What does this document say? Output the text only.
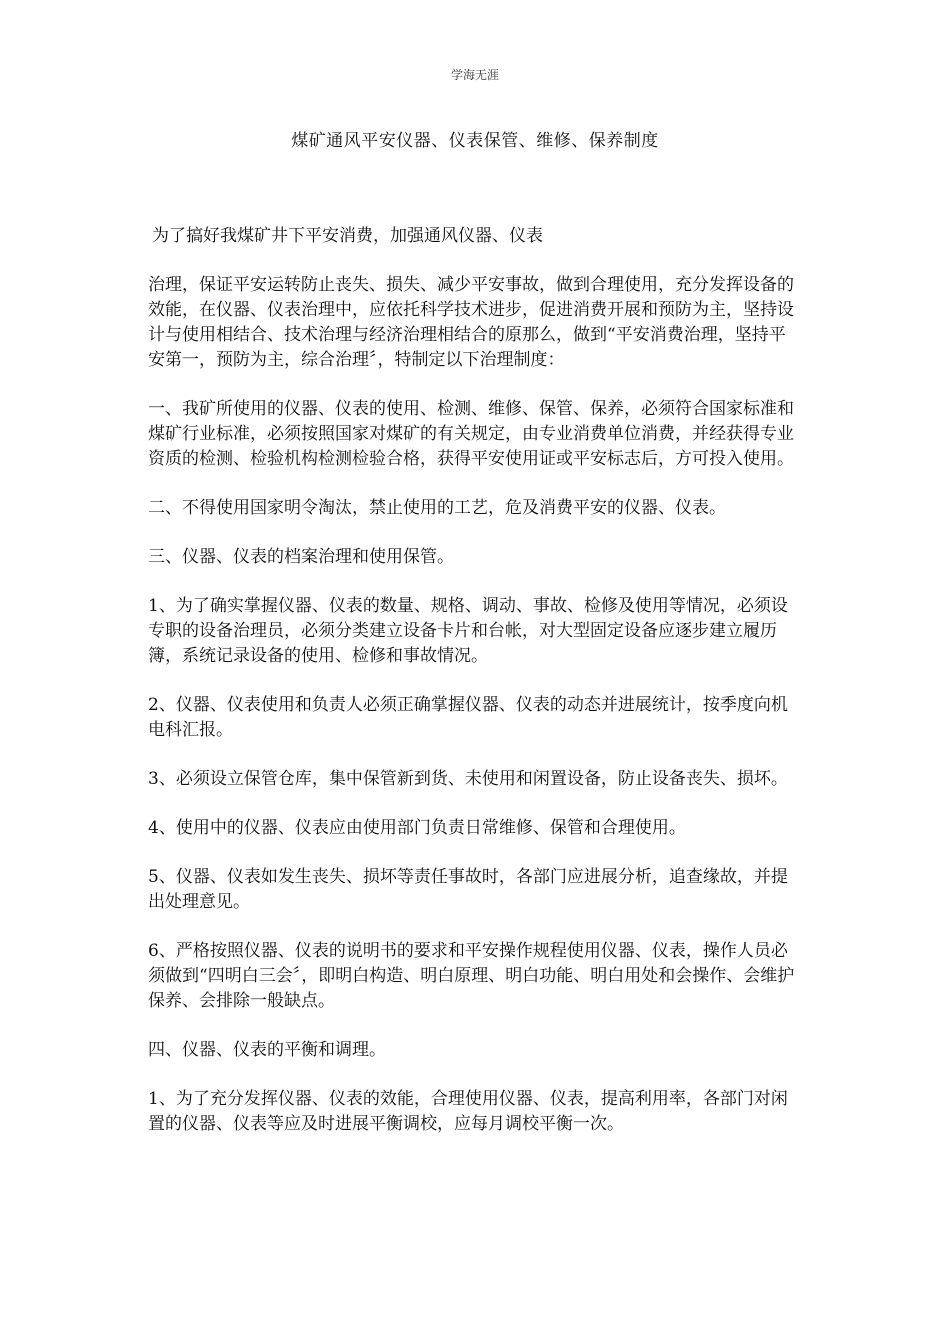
学海无涯
煤矿通风平安仪器、仪表保管、维修、保养制度

为了搞好我煤矿井下平安消费，加强通风仪器、仪表

治理，保证平安运转防止丧失、损失、减少平安事故，做到合理使用，充分发挥设备的效能，在仪器、仪表治理中，应依托科学技术进步，促进消费开展和预防为主，坚持设计与使用相结合、技术治理与经济治理相结合的原那么，做到“平安消费治理，坚持平安第一，预防为主，综合治理〞，特制定以下治理制度：

一、我矿所使用的仪器、仪表的使用、检测、维修、保管、保养，必须符合国家标准和煤矿行业标准，必须按照国家对煤矿的有关规定，由专业消费单位消费，并经获得专业资质的检测、检验机构检测检验合格，获得平安使用证或平安标志后，方可投入使用。

二、不得使用国家明令淘汰，禁止使用的工艺，危及消费平安的仪器、仪表。

三、仪器、仪表的档案治理和使用保管。

1、为了确实掌握仪器、仪表的数量、规格、调动、事故、检修及使用等情况，必须设专职的设备治理员，必须分类建立设备卡片和台帐，对大型固定设备应逐步建立履历簿，系统记录设备的使用、检修和事故情况。

2、仪器、仪表使用和负责人必须正确掌握仪器、仪表的动态并进展统计，按季度向机电科汇报。

3、必须设立保管仓库，集中保管新到货、未使用和闲置设备，防止设备丧失、损坏。

4、使用中的仪器、仪表应由使用部门负责日常维修、保管和合理使用。

5、仪器、仪表如发生丧失、损坏等责任事故时，各部门应进展分析，追查缘故，并提出处理意见。

6、严格按照仪器、仪表的说明书的要求和平安操作规程使用仪器、仪表，操作人员必须做到“四明白三会〞，即明白构造、明白原理、明白功能、明白用处和会操作、会维护保养、会排除一般缺点。

四、仪器、仪表的平衡和调理。

1、为了充分发挥仪器、仪表的效能，合理使用仪器、仪表，提高利用率，各部门对闲置的仪器、仪表等应及时进展平衡调校，应每月调校平衡一次。
